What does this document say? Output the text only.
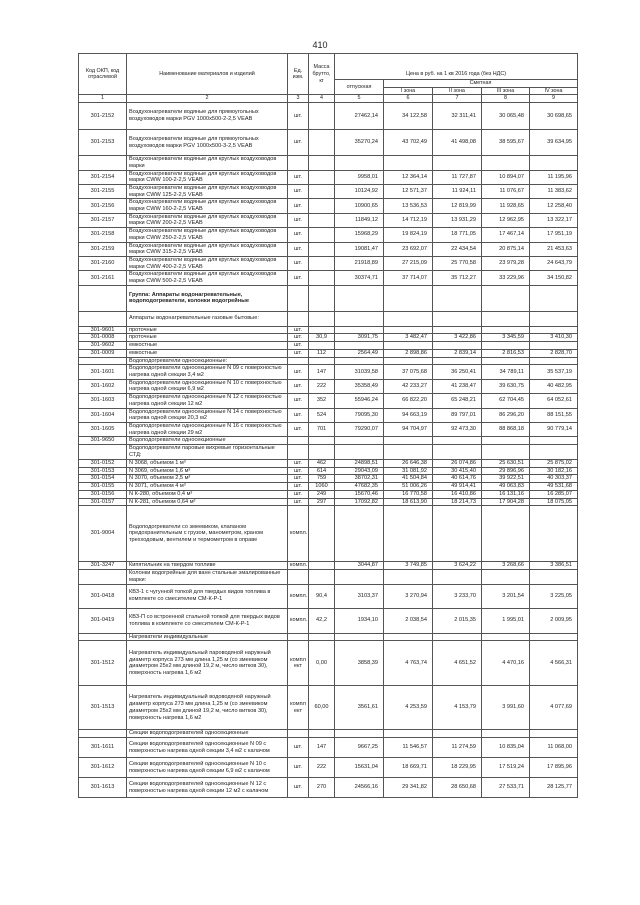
410
Код ОКП, код отраслевой	Наименование материалов и изделий	Ед. изм.	Масса брутто, кг					
				Цена в руб. на 1 кв 2016 года (без НДС)				
				отпускная	Сметная			
					I зона	II зона	III зона	IV зона
1	2	3	4	5	6	7	8	9
301-2152	Воздухонагреватели водяные для прямоугольных воздуховодов марки PGV 1000x500-2-2,5 VEAB	шт.		27462,14	34 122,58	32 311,41	30 065,48	30 698,65
301-2153	Воздухонагреватели водяные для прямоугольных воздуховодов марки PGV 1000x500-3-2,5 VEAB	шт.		35270,24	43 702,49	41 498,08	38 595,67	39 634,95
	Воздухонагреватели водяные для круглых воздуховодов марки							
301-2154	Воздухонагреватели водяные для круглых воздуховодов марки CWW 100-2-2,5 VEAB	шт.		9958,01	12 364,14	11 727,87	10 894,07	11 195,96
301-2155	Воздухонагреватели водяные для круглых воздуховодов марки CWW 125-2-2,5 VEAB	шт.		10124,92	12 571,37	11 924,11	11 076,67	11 383,62
301-2156	Воздухонагреватели водяные для круглых воздуховодов марки CWW 160-2-2,5 VEAB	шт.		10900,65	13 536,53	12 819,99	11 928,65	12 258,40
301-2157	Воздухонагреватели водяные для круглых воздуховодов марки CWW 200-2-2,5 VEAB	шт.		11849,12	14 712,19	13 931,29	12 962,95	13 322,17
301-2158	Воздухонагреватели водяные для круглых воздуховодов марки CWW 250-2-2,5 VEAB	шт.		15968,29	19 824,19	18 771,05	17 467,14	17 951,19
301-2159	Воздухонагреватели водяные для круглых воздуховодов марки CWW 315-2-2,5 VEAB	шт.		19081,47	23 692,07	22 434,54	20 875,14	21 453,63
301-2160	Воздухонагреватели водяные для круглых воздуховодов марки CWW 400-2-2,5 VEAB	шт.		21918,89	27 215,09	25 770,58	23 979,28	24 643,79
301-2161	Воздухонагреватели водяные для круглых воздуховодов марки CWW 500-2-2,5 VEAB	шт.		30374,71	37 714,07	35 712,27	33 229,96	34 150,82
	Группа: Аппараты водонагревательные, водоподогреватели, колонки водогрейные							
	Аппараты водонагревательные газовые бытовые:							
301-9601	проточные	шт.						
301-0008	проточные	шт.	30,9	3091,75	3 482,47	3 422,86	3 345,59	3 410,30
301-9602	емкостные	шт.						
301-0009	емкостные	шт.	112	2564,49	2 898,86	2 839,14	2 816,53	2 828,70
	Водоподогреватели односекционные:							
301-1601	Водоподогреватели односекционные N 09 с поверхностью нагрева одной секции 3,4 м2	шт.	147	31039,58	37 075,68	36 250,41	34 789,11	35 537,19
301-1602	Водоподогреватели односекционные N 10 с поверхностью нагрева одной секции 6,9 м2	шт.	222	35358,49	42 233,27	41 238,47	39 630,75	40 482,95
301-1603	Водоподогреватели односекционные N 12 с поверхностью нагрева одной секции 12 м2	шт.	352	55946,24	66 822,20	65 248,21	62 704,45	64 052,61
301-1604	Водоподогреватели односекционные N 14 с поверхностью нагрева одной секции 20,3 м2	шт.	524	79095,30	94 663,19	89 797,01	86 296,20	88 151,55
301-1605	Водоподогреватели односекционные N 16 с поверхностью нагрева одной секции 29 м2	шт.	701	79290,07	94 704,97	92 473,30	88 868,18	90 779,14
301-9650	Водоподогреватели односекционные							
	Водоподогреватели паровые вихревые горизонтальные СТД:							
301-0152	N 3068, объемом 1 м³	шт.	462	24898,51	26 646,38	26 074,86	25 630,51	25 875,02
301-0153	N 3069, объемом 1,6 м³	шт.	614	29043,09	31 081,92	30 415,40	29 896,96	30 182,16
301-0154	N 3070, объемом 2,5 м³	шт.	759	38702,31	41 504,84	40 614,76	39 922,51	40 303,37
301-0155	N 3071, объемом 4 м³	шт.	1060	47682,35	51 006,26	49 914,41	49 063,83	49 531,68
301-0156	N К-280, объемом 0,4 м³	шт.	249	15670,46	16 770,58	16 410,86	16 131,16	16 285,07
301-0157	N К-281, объемом 0,64 м³	шт.	297	17092,82	18 613,90	18 214,73	17 904,28	18 075,05
301-9004	Водоподогреватели со змеевиком, клапаном предохранительным с грузом, манометром, краном трехходовым, вентилем и термометром в оправе	компл.						
301-3247	Кипятильник на твердом топливе	компл.		3044,87	3 749,85	3 624,22	3 268,66	3 386,51
	Колонки водогрейные для ванн стальные эмалированные марки:							
301-0418	КВЗ-1 с чугунной топкой для твердых видов топлива в комплекте со смесителем СМ-К-Р-1	компл.	90,4	3103,37	3 270,94	3 233,70	3 201,54	3 225,05
301-0419	КВЗ-П со встроенной стальной топкой для твердых видов топлива в комплекте со смесителем СМ-К-Р-1	компл.	42,2	1934,10	2 038,54	2 015,35	1 995,01	2 009,95
	Нагреватели индивидуальные							
301-1512	Нагреватель индивидуальный пароводяной наружный диаметр корпуса 273 мм длина 1,25 м (со змеевиком диаметром 25х2 мм длиной 19,2 м, число витков 30), поверхность нагрева 1,6 м2	компл ект	0,00	3858,39	4 763,74	4 651,52	4 470,16	4 566,31
301-1513	Нагреватель индивидуальный водоводяной наружный диаметр корпуса 273 мм длина 1,25 м (со змеевиком диаметром 25х2 мм длиной 19,2 м, число витков 30), поверхность нагрева 1,6 м2	компл ект	60,00	3561,61	4 253,59	4 153,79	3 991,60	4 077,69
	Секции водоподогревателей односекционные							
301-1611	Секции водоподогревателей односекционные N 09 с поверхностью нагрева одной секции 3,4 м2 с калачом	шт.	147	9667,25	11 546,57	11 274,59	10 835,04	11 068,00
301-1612	Секции водоподогревателей односекционные N 10 с поверхностью нагрева одной секции 6,9 м2 с калачом	шт.	222	15631,04	18 669,71	18 229,95	17 519,24	17 895,96
301-1613	Секции водоподогревателей односекционные N 12 с поверхностью нагрева одной секции 12 м2 с калачом	шт.	270	24566,16	29 341,82	28 650,68	27 533,71	28 125,77
